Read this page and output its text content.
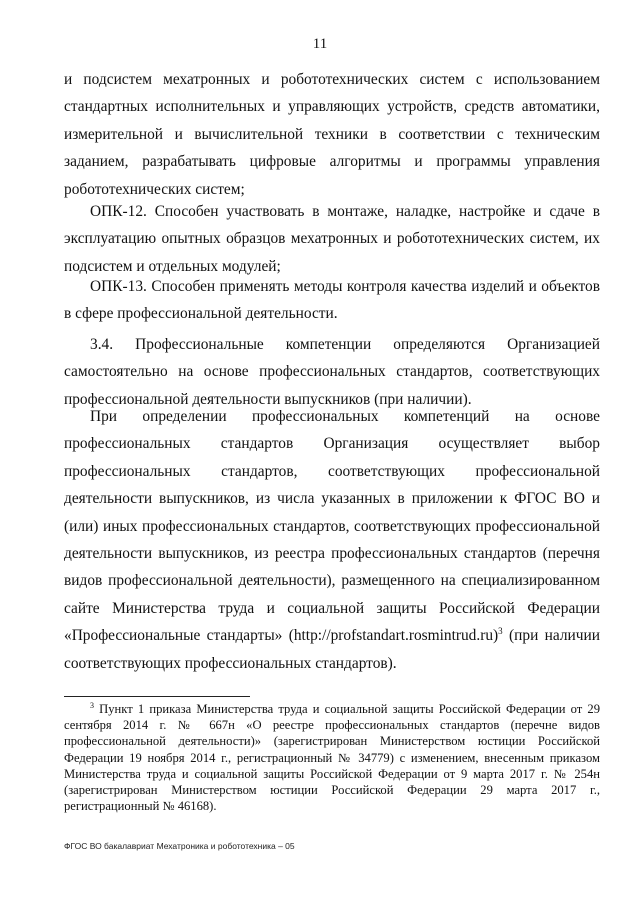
11

и подсистем мехатронных и робототехнических систем с использованием стандартных исполнительных и управляющих устройств, средств автоматики, измерительной и вычислительной техники в соответствии с техническим заданием, разрабатывать цифровые алгоритмы и программы управления робототехнических систем;

ОПК-12. Способен участвовать в монтаже, наладке, настройке и сдаче в эксплуатацию опытных образцов мехатронных и робототехнических систем, их подсистем и отдельных модулей;

ОПК-13. Способен применять методы контроля качества изделий и объектов в сфере профессиональной деятельности.

3.4. Профессиональные компетенции определяются Организацией самостоятельно на основе профессиональных стандартов, соответствующих профессиональной деятельности выпускников (при наличии).

При определении профессиональных компетенций на основе профессиональных стандартов Организация осуществляет выбор профессиональных стандартов, соответствующих профессиональной деятельности выпускников, из числа указанных в приложении к ФГОС ВО и (или) иных профессиональных стандартов, соответствующих профессиональной деятельности выпускников, из реестра профессиональных стандартов (перечня видов профессиональной деятельности), размещенного на специализированном сайте Министерства труда и социальной защиты Российской Федерации «Профессиональные стандарты» (http://profstandart.rosmintrud.ru)$^3$ (при наличии соответствующих профессиональных стандартов).

$^3$ Пункт 1 приказа Министерства труда и социальной защиты Российской Федерации от 29 сентября 2014 г. № 667н «О реестре профессиональных стандартов (перечне видов профессиональной деятельности)» (зарегистрирован Министерством юстиции Российской Федерации 19 ноября 2014 г., регистрационный № 34779) с изменением, внесенным приказом Министерства труда и социальной защиты Российской Федерации от 9 марта 2017 г. № 254н (зарегистрирован Министерством юстиции Российской Федерации 29 марта 2017 г., регистрационный № 46168).

ФГОС ВО бакалавриат Мехатроника и робототехника – 05
